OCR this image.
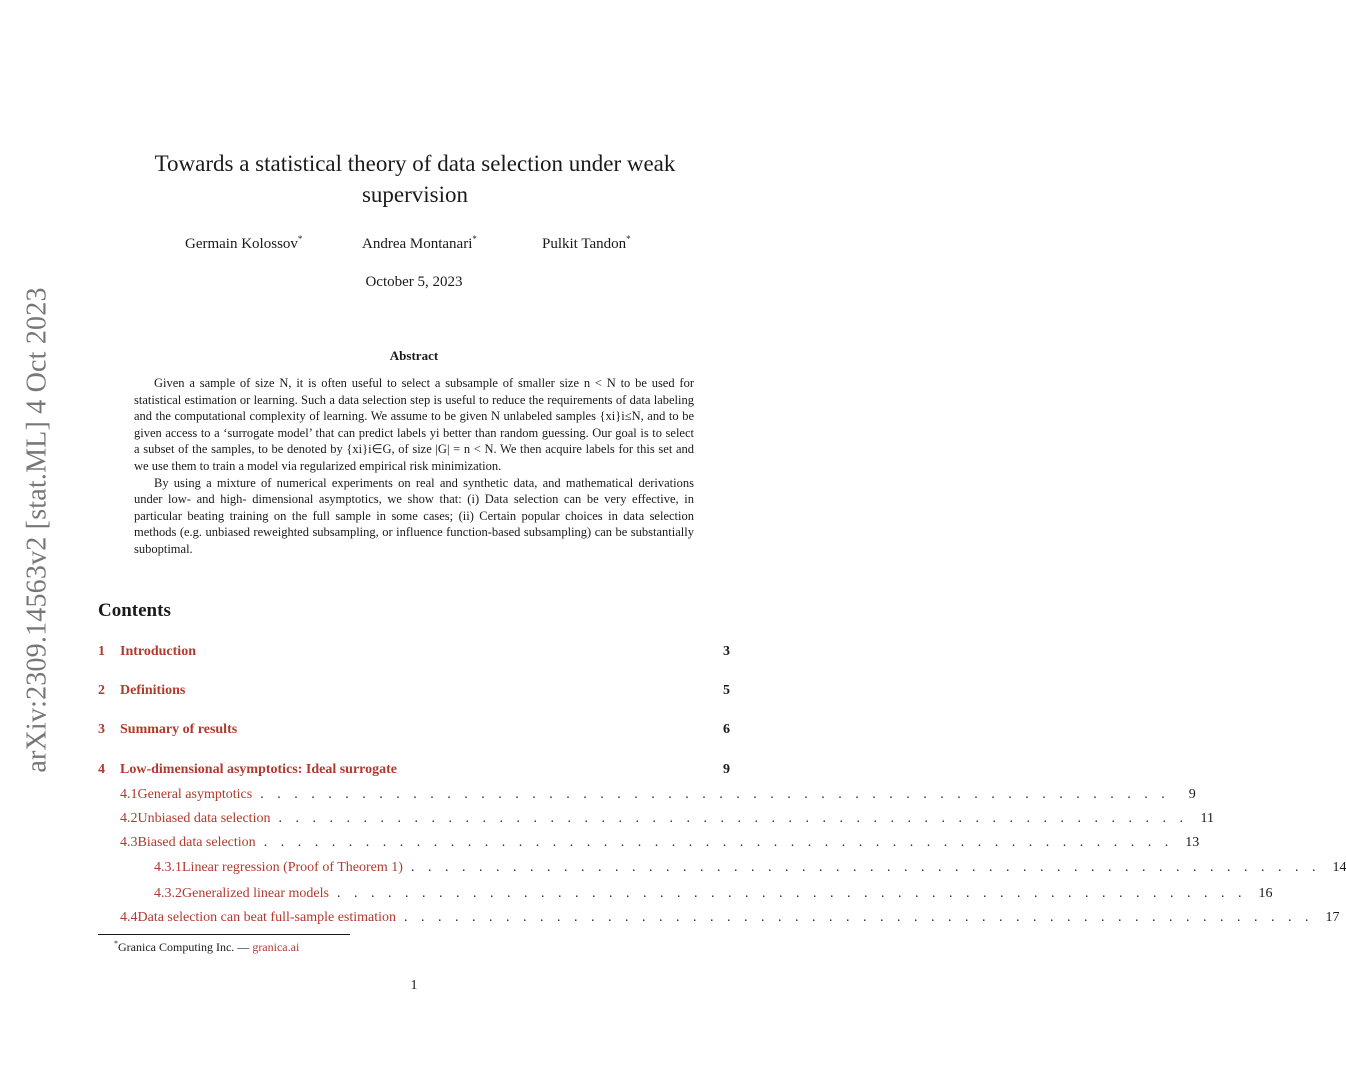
arXiv:2309.14563v2 [stat.ML] 4 Oct 2023
Towards a statistical theory of data selection under weak
supervision
Germain Kolossov*	Andrea Montanari*	Pulkit Tandon*
October 5, 2023
Abstract

Given a sample of size N, it is often useful to select a subsample of smaller size n < N to be used for statistical estimation or learning. Such a data selection step is useful to reduce the requirements of data labeling and the computational complexity of learning. We assume to be given N unlabeled samples {xi}i≤N, and to be given access to a ‘surrogate model’ that can predict labels yi better than random guessing. Our goal is to select a subset of the samples, to be denoted by {xi}i∈G, of size |G| = n < N. We then acquire labels for this set and we use them to train a model via regularized empirical risk minimization.

By using a mixture of numerical experiments on real and synthetic data, and mathematical derivations under low- and high- dimensional asymptotics, we show that: (i) Data selection can be very effective, in particular beating training on the full sample in some cases; (ii) Certain popular choices in data selection methods (e.g. unbiased reweighted subsampling, or influence function-based subsampling) can be substantially suboptimal.

Contents
1	Introduction	3
2	Definitions	5
3	Summary of results	6
4	Low-dimensional asymptotics: Ideal surrogate	9
4.1 General asymptotics . . . . . . . . . . . . . . . . . . . . . . . . . . . . . . . . . . . . . . . . . . . . . . . . . . . . . .	9
4.2 Unbiased data selection . . . . . . . . . . . . . . . . . . . . . . . . . . . . . . . . . . . . . . . . . . . . . . . . . . . . . . 11
4.3 Biased data selection . . . . . . . . . . . . . . . . . . . . . . . . . . . . . . . . . . . . . . . . . . . . . . . . . . . . . . 13
4.3.1 Linear regression (Proof of Theorem 1) . . . . . . . . . . . . . . . . . . . . . . . . . . . . . . . . . . . . . . . . . . . . . . . . . . . . . . 14
4.3.2 Generalized linear models . . . . . . . . . . . . . . . . . . . . . . . . . . . . . . . . . . . . . . . . . . . . . . . . . . . . . . 16
4.4 Data selection can beat full-sample estimation . . . . . . . . . . . . . . . . . . . . . . . . . . . . . . . . . . . . . . . . . . . . . . . . . . . . . . 17
*Granica Computing Inc. — granica.ai
1
